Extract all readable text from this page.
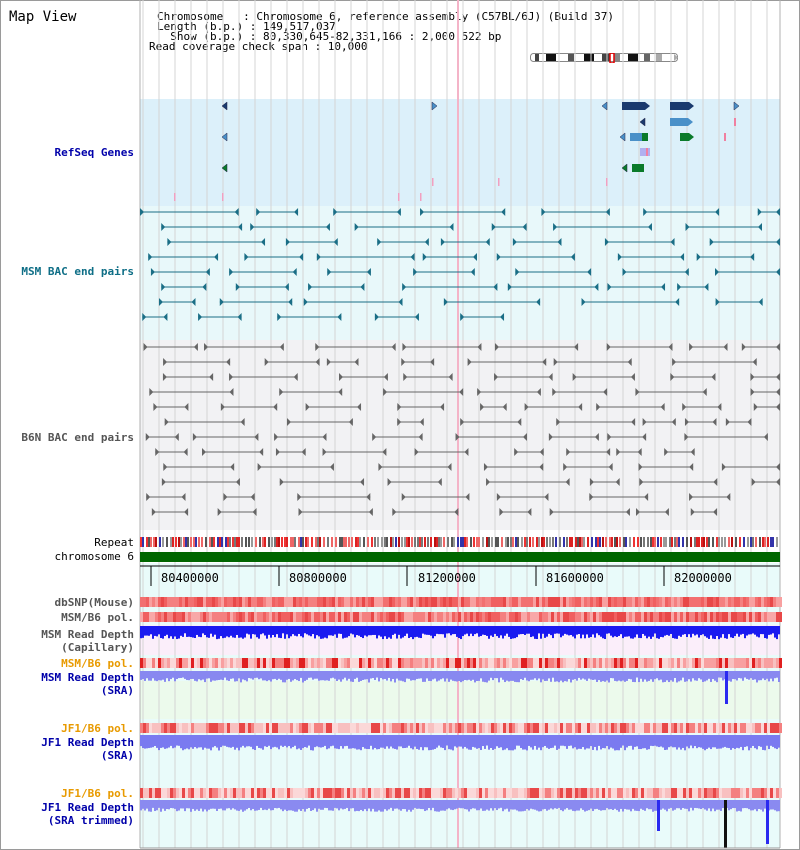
Map View	Chromosome   : Chromosome 6, reference assembly (C57BL/6J) (Build 37)
Length (b.p.) : 149,517,037
Show (b.p.) : 80,330,645-82,331,166 : 2,000,522 bp
Read coverage check span : 10,000
RefSeq Genes
MSM BAC end pairs
B6N BAC end pairs
Repeat
chromosome 6
dbSNP(Mouse)
MSM/B6 pol.
MSM Read Depth
(Capillary)
MSM/B6 pol.
MSM Read Depth
(SRA)
JF1/B6 pol.
JF1 Read Depth
(SRA)
JF1/B6 pol.
JF1 Read Depth
(SRA trimmed)
80400000	80800000	81200000	81600000	82000000
